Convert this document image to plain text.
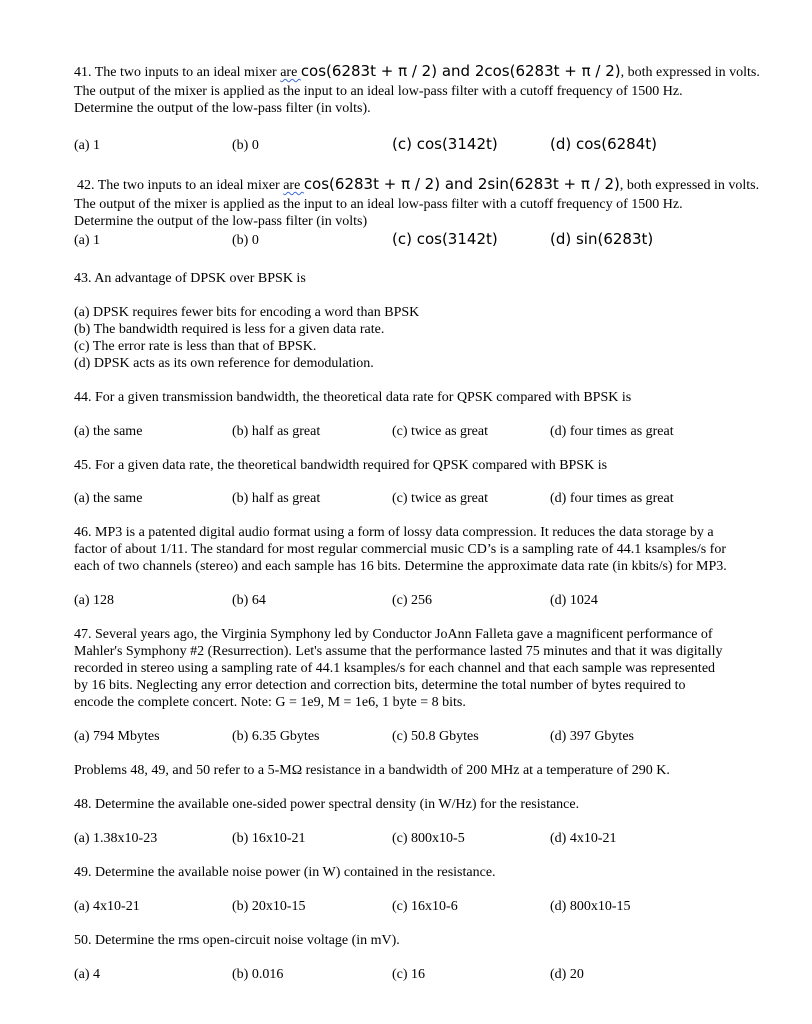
41. The two inputs to an ideal mixer are cos(6283t + π / 2) and 2cos(6283t + π / 2), both expressed in volts.
The output of the mixer is applied as the input to an ideal low-pass filter with a cutoff frequency of 1500 Hz.
Determine the output of the low-pass filter (in volts).
(a) 1	(b) 0	(c) cos(3142t)	(d) cos(6284t)
42. The two inputs to an ideal mixer are cos(6283t + π / 2) and 2sin(6283t + π / 2), both expressed in volts.
The output of the mixer is applied as the input to an ideal low-pass filter with a cutoff frequency of 1500 Hz.
Determine the output of the low-pass filter (in volts)
(a) 1	(b) 0	(c) cos(3142t)	(d) sin(6283t)
43. An advantage of DPSK over BPSK is
(a) DPSK requires fewer bits for encoding a word than BPSK
(b) The bandwidth required is less for a given data rate.
(c) The error rate is less than that of BPSK.
(d) DPSK acts as its own reference for demodulation.
44. For a given transmission bandwidth, the theoretical data rate for QPSK compared with BPSK is
(a) the same	(b) half as great	(c) twice as great	(d) four times as great
45. For a given data rate, the theoretical bandwidth required for QPSK compared with BPSK is
(a) the same	(b) half as great	(c) twice as great	(d) four times as great
46. MP3 is a patented digital audio format using a form of lossy data compression. It reduces the data storage by a
factor of about 1/11. The standard for most regular commercial music CD’s is a sampling rate of 44.1 ksamples/s for
each of two channels (stereo) and each sample has 16 bits. Determine the approximate data rate (in kbits/s) for MP3.
(a) 128	(b) 64	(c) 256	(d) 1024
47. Several years ago, the Virginia Symphony led by Conductor JoAnn Falleta gave a magnificent performance of
Mahler's Symphony #2 (Resurrection). Let's assume that the performance lasted 75 minutes and that it was digitally
recorded in stereo using a sampling rate of 44.1 ksamples/s for each channel and that each sample was represented
by 16 bits. Neglecting any error detection and correction bits, determine the total number of bytes required to
encode the complete concert. Note: G = 1e9, M = 1e6, 1 byte = 8 bits.
(a) 794 Mbytes	(b) 6.35 Gbytes	(c) 50.8 Gbytes	(d) 397 Gbytes
Problems 48, 49, and 50 refer to a 5-MΩ resistance in a bandwidth of 200 MHz at a temperature of 290 K.
48. Determine the available one-sided power spectral density (in W/Hz) for the resistance.
(a) 1.38x10-23	(b) 16x10-21	(c) 800x10-5	(d) 4x10-21
49. Determine the available noise power (in W) contained in the resistance.
(a) 4x10-21	(b) 20x10-15	(c) 16x10-6	(d) 800x10-15
50. Determine the rms open-circuit noise voltage (in mV).
(a) 4	(b) 0.016	(c) 16	(d) 20
